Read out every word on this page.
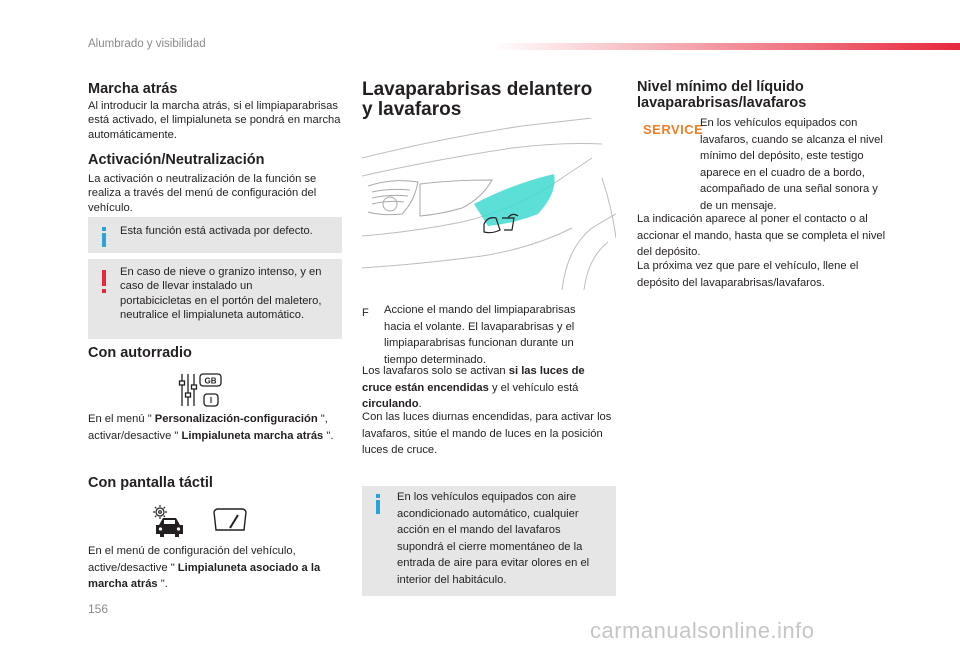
Alumbrado y visibilidad
Marcha atrás

Al introducir la marcha atrás, si el limpiaparabrisas está activado, el limpialuneta se pondrá en marcha automáticamente.

Activación/Neutralización

La activación o neutralización de la función se realiza a través del menú de configuración del vehículo.

Esta función está activada por defecto.
En caso de nieve o granizo intenso, y en caso de llevar instalado un portabicicletas en el portón del maletero, neutralice el limpialuneta automático.
Con autorradio
GB
I

En el menú " Personalización-configuración ", activar/desactive " Limpialuneta marcha atrás ".

Con pantalla táctil

En el menú de configuración del vehículo, active/desactive " Limpialuneta asociado a la marcha atrás ".

Lavaparabrisas delantero
y lavafaros
F Accione el mando del limpiaparabrisas hacia el volante. El lavaparabrisas y el limpiaparabrisas funcionan durante un tiempo determinado.

Los lavafaros solo se activan si las luces de cruce están encendidas y el vehículo está circulando.

Con las luces diurnas encendidas, para activar los lavafaros, sitúe el mando de luces en la posición luces de cruce.

En los vehículos equipados con aire acondicionado automático, cualquier acción en el mando del lavafaros supondrá el cierre momentáneo de la entrada de aire para evitar olores en el interior del habitáculo.
Nivel mínimo del líquido
lavaparabrisas/lavafaros
SERVICE

En los vehículos equipados con lavafaros, cuando se alcanza el nivel mínimo del depósito, este testigo aparece en el cuadro de a bordo, acompañado de una señal sonora y de un mensaje.

La indicación aparece al poner el contacto o al accionar el mando, hasta que se completa el nivel del depósito.

La próxima vez que pare el vehículo, llene el depósito del lavaparabrisas/lavafaros.

156
carmanualsonline.info
